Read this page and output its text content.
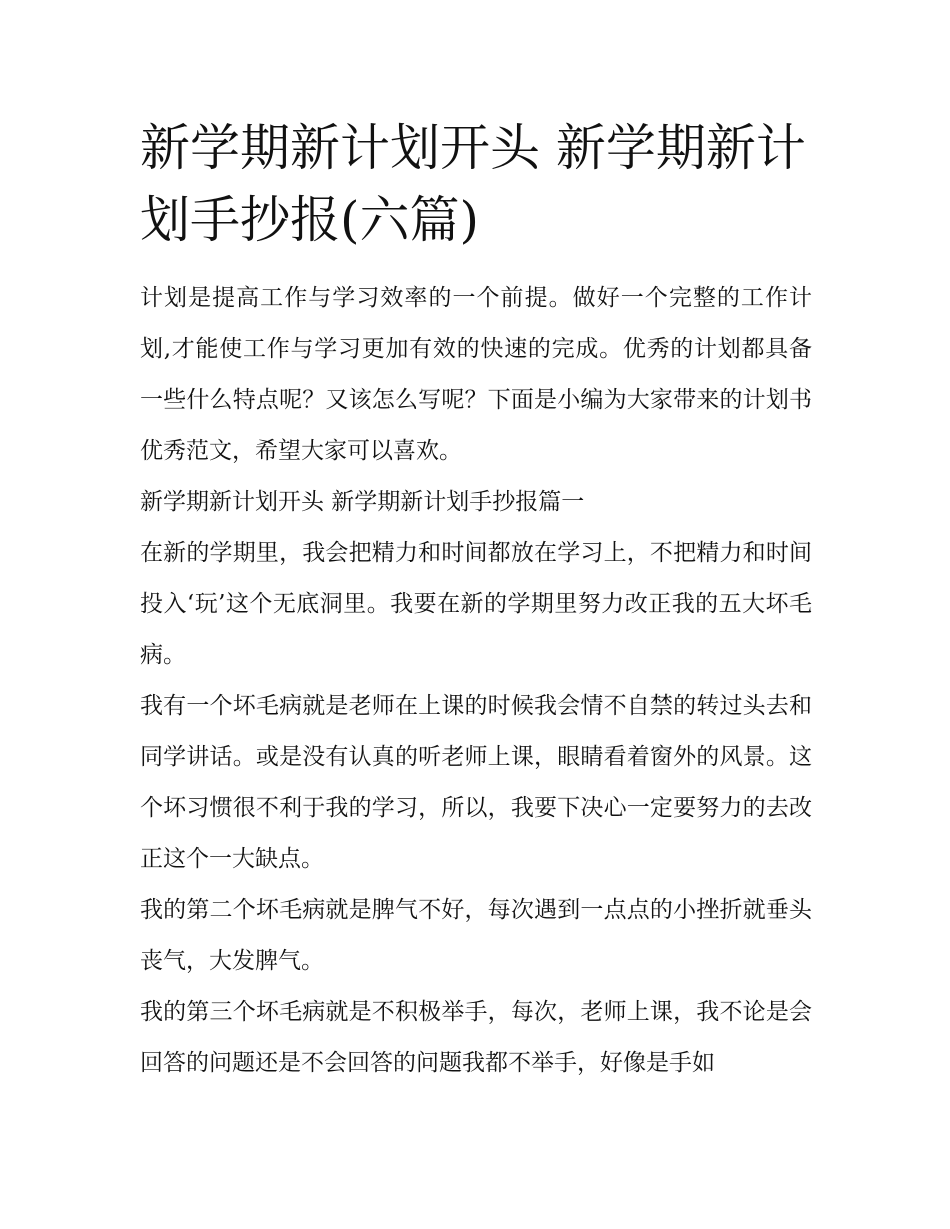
新学期新计划开头 新学期新计划手抄报(六篇)

计划是提高工作与学习效率的一个前提。做好一个完整的工作计划,才能使工作与学习更加有效的快速的完成。优秀的计划都具备一些什么特点呢？又该怎么写呢？下面是小编为大家带来的计划书优秀范文，希望大家可以喜欢。

新学期新计划开头 新学期新计划手抄报篇一

在新的学期里，我会把精力和时间都放在学习上，不把精力和时间投入‘玩’这个无底洞里。我要在新的学期里努力改正我的五大坏毛病。

我有一个坏毛病就是老师在上课的时候我会情不自禁的转过头去和同学讲话。或是没有认真的听老师上课，眼睛看着窗外的风景。这个坏习惯很不利于我的学习，所以，我要下决心一定要努力的去改正这个一大缺点。

我的第二个坏毛病就是脾气不好，每次遇到一点点的小挫折就垂头丧气，大发脾气。

我的第三个坏毛病就是不积极举手，每次，老师上课，我不论是会回答的问题还是不会回答的问题我都不举手，好像是手如
